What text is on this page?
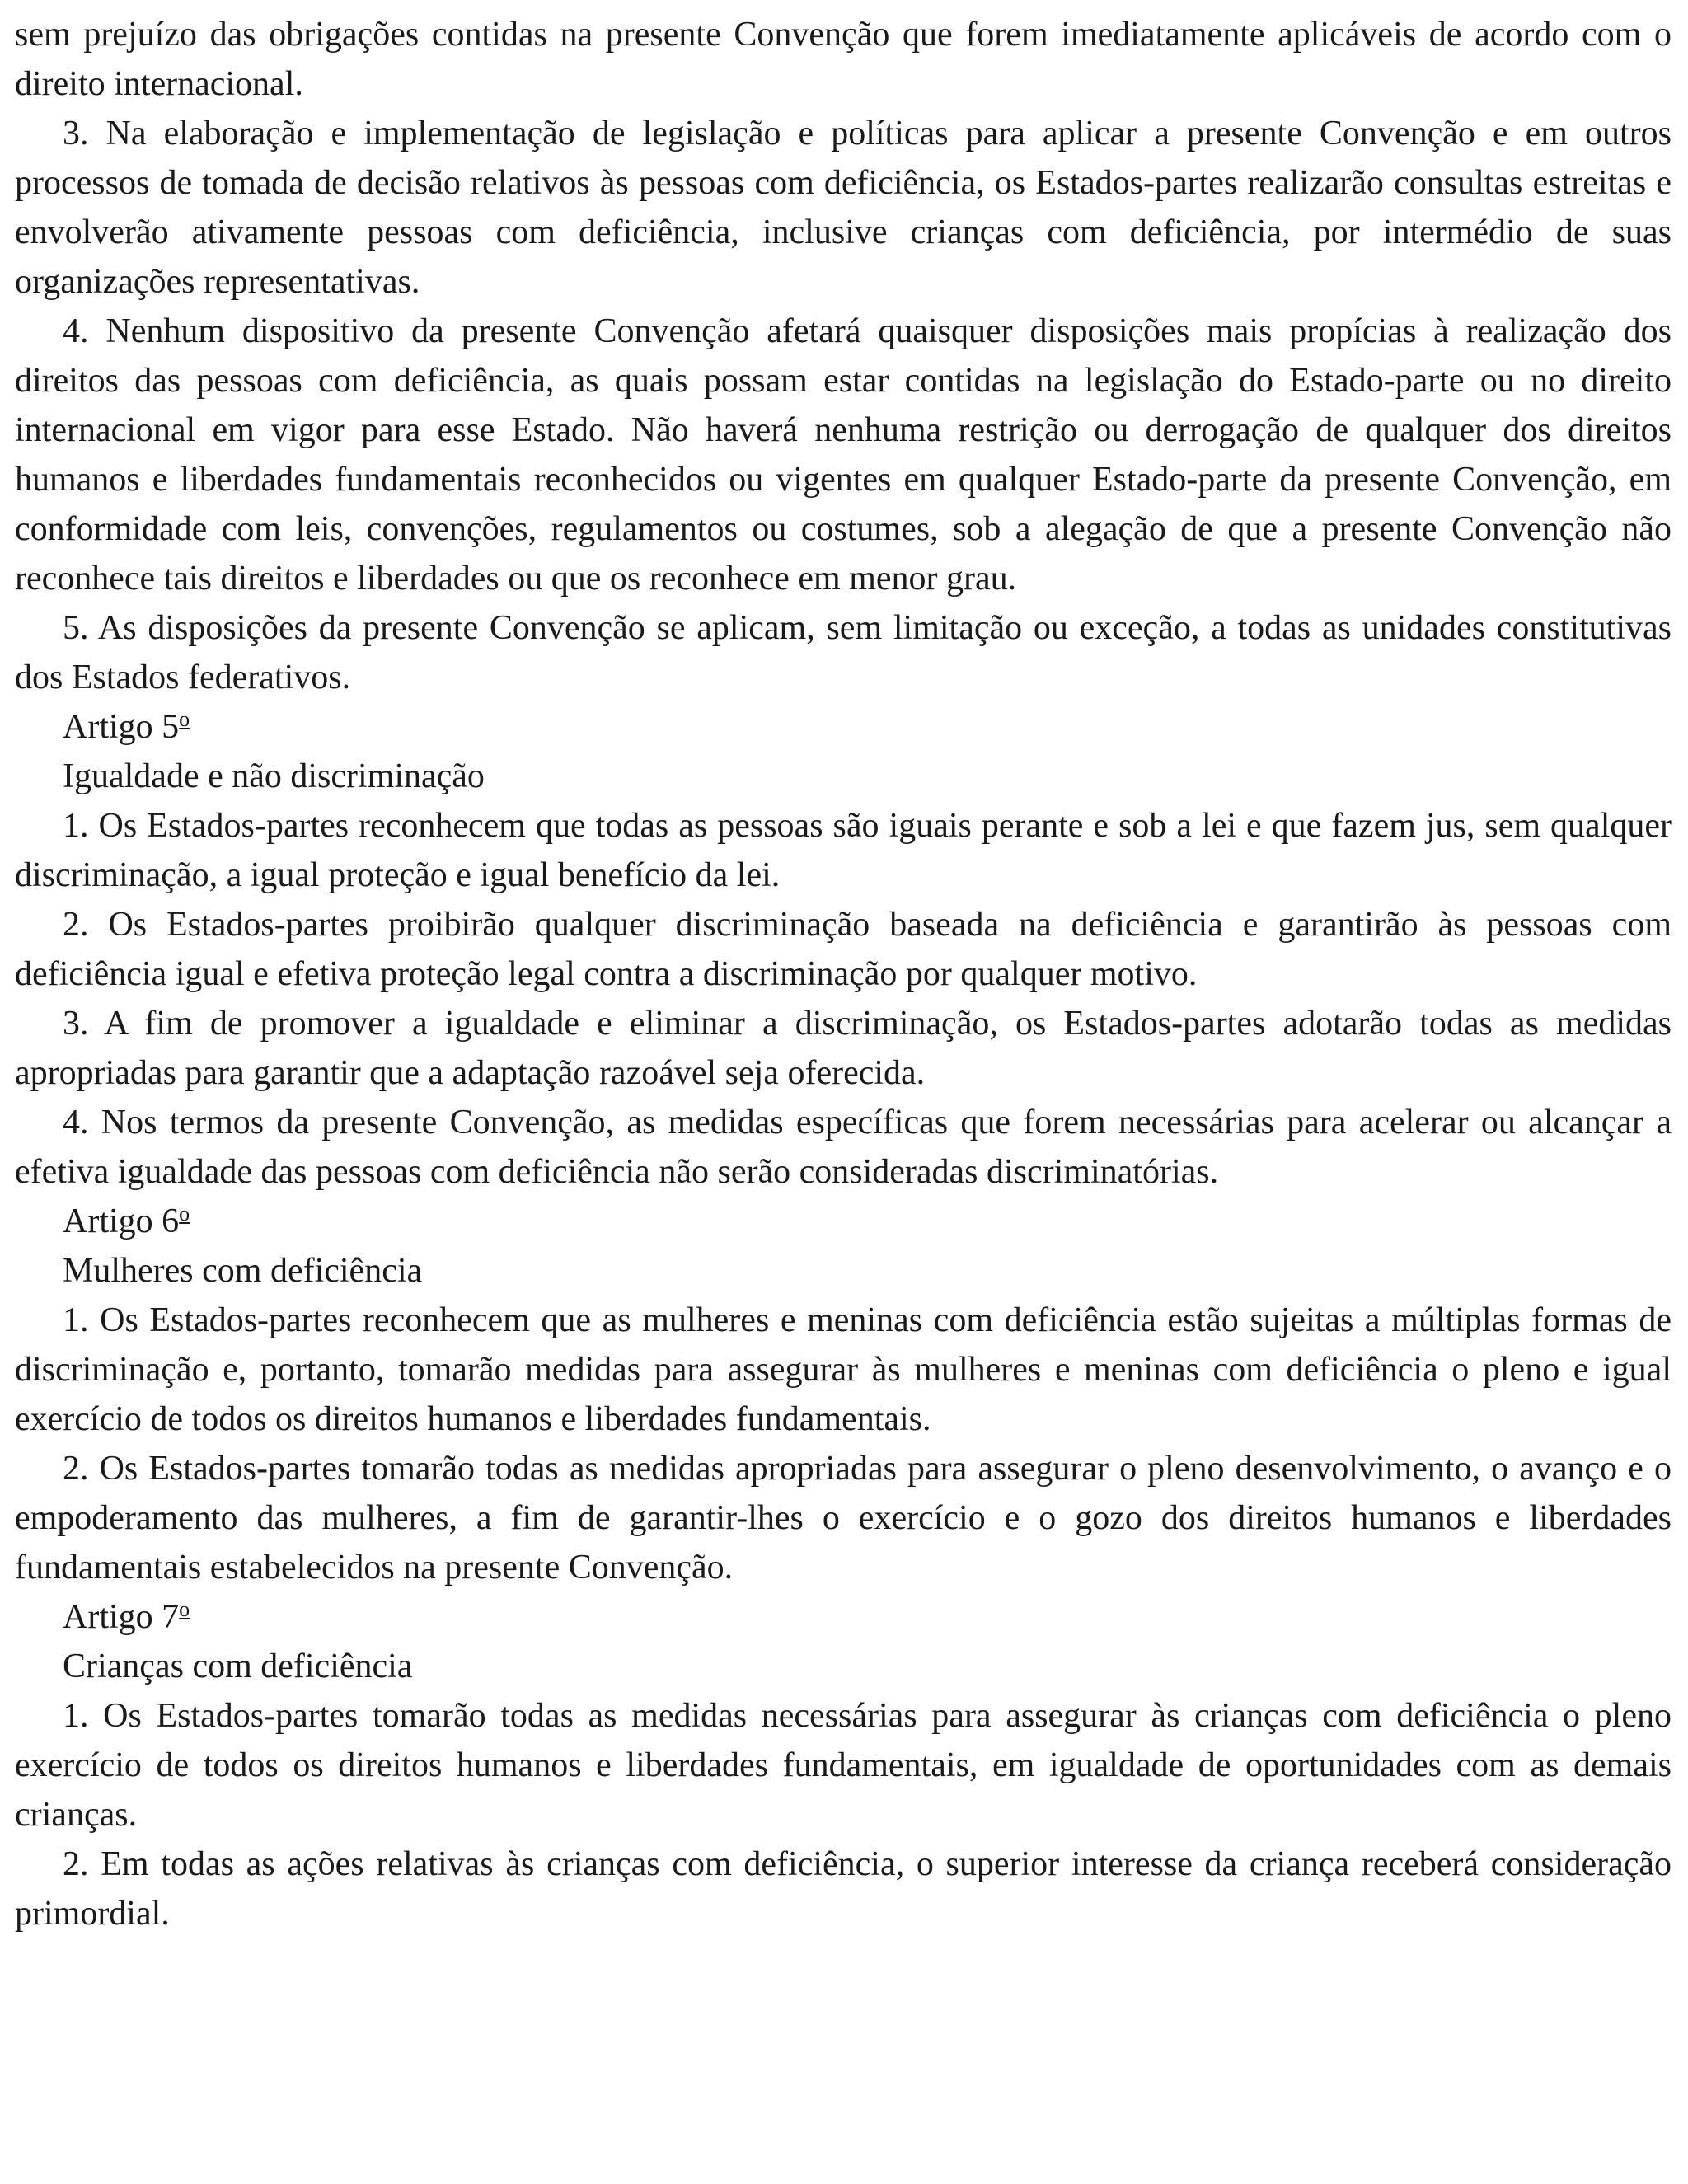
sem prejuízo das obrigações contidas na presente Convenção que forem imediatamente aplicáveis de acordo com o direito internacional.

3. Na elaboração e implementação de legislação e políticas para aplicar a presente Convenção e em outros processos de tomada de decisão relativos às pessoas com deficiência, os Estados-partes realizarão consultas estreitas e envolverão ativamente pessoas com deficiência, inclusive crianças com deficiência, por intermédio de suas organizações representativas.

4. Nenhum dispositivo da presente Convenção afetará quaisquer disposições mais propícias à realização dos direitos das pessoas com deficiência, as quais possam estar contidas na legislação do Estado-parte ou no direito internacional em vigor para esse Estado. Não haverá nenhuma restrição ou derrogação de qualquer dos direitos humanos e liberdades fundamentais reconhecidos ou vigentes em qualquer Estado-parte da presente Convenção, em conformidade com leis, convenções, regulamentos ou costumes, sob a alegação de que a presente Convenção não reconhece tais direitos e liberdades ou que os reconhece em menor grau.

5. As disposições da presente Convenção se aplicam, sem limitação ou exceção, a todas as unidades constitutivas dos Estados federativos.

Artigo 5$^o$
Igualdade e não discriminação

1. Os Estados-partes reconhecem que todas as pessoas são iguais perante e sob a lei e que fazem jus, sem qualquer discriminação, a igual proteção e igual benefício da lei.

2. Os Estados-partes proibirão qualquer discriminação baseada na deficiência e garantirão às pessoas com deficiência igual e efetiva proteção legal contra a discriminação por qualquer motivo.

3. A fim de promover a igualdade e eliminar a discriminação, os Estados-partes adotarão todas as medidas apropriadas para garantir que a adaptação razoável seja oferecida.

4. Nos termos da presente Convenção, as medidas específicas que forem necessárias para acelerar ou alcançar a efetiva igualdade das pessoas com deficiência não serão consideradas discriminatórias.

Artigo 6$^o$
Mulheres com deficiência

1. Os Estados-partes reconhecem que as mulheres e meninas com deficiência estão sujeitas a múltiplas formas de discriminação e, portanto, tomarão medidas para assegurar às mulheres e meninas com deficiência o pleno e igual exercício de todos os direitos humanos e liberdades fundamentais.

2. Os Estados-partes tomarão todas as medidas apropriadas para assegurar o pleno desenvolvimento, o avanço e o empoderamento das mulheres, a fim de garantir-lhes o exercício e o gozo dos direitos humanos e liberdades fundamentais estabelecidos na presente Convenção.

Artigo 7$^o$
Crianças com deficiência

1. Os Estados-partes tomarão todas as medidas necessárias para assegurar às crianças com deficiência o pleno exercício de todos os direitos humanos e liberdades fundamentais, em igualdade de oportunidades com as demais crianças.

2. Em todas as ações relativas às crianças com deficiência, o superior interesse da criança receberá consideração primordial.
